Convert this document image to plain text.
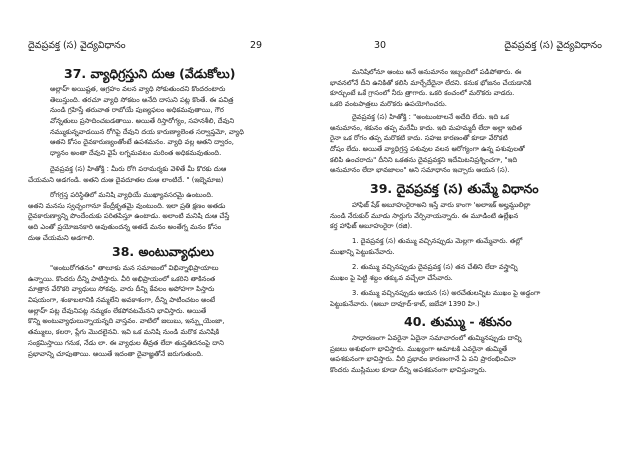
దైవప్రవక్త (స) వైద్యవిధానం	29
37. వ్యాధిగ్రస్తుని దుఆ (వేడుకోలు)
అల్లాహ్ అయిష్టత, ఆగ్రహం వలన వ్యాధి సోకుతుందని కొందరంటారు
తెలుస్తుంది. తరచూ వ్యాధి సోకటం అనేది దాసుని పట్ల కొంతే. ఈ పవిత్ర
నుండి గ్రహిస్తే తరువాత రాబోయే పుణ్యఫలం అధికమవుతాయి, గౌర
వోన్నతులు ప్రసాదించబడతాయి. అయితే రిస్తారోగ్యం, సహనశీలి, దేవుని
నమ్ముకున్నవాడయిన రోగిపై దేవుని దయ కారుణ్యాలెంత సర్వాప్తమో, వ్యాధి
ఆతని కోసం దైవకారుణ్యంతోంటే ఉపశమనం. వ్యాధి వల్ల ఆతని ద్వారం,
ధ్యానం అంతా దేవుని వైపే లగ్నమవటం మరింత అధికమవుతుంది.
దైవప్రవక్త (స) హితోక్తి : మీరు రోగి పరామర్శకు వెళితే మీ కొరకు దుఆ
చేయమని అడగండి. అతని దుఆ దైవదూతల దుఆ లాంటిదే. " (ఇబ్నెమాజ)
రోగగ్రస్త పరిస్థితిలో మనిషి వ్యాధియే ముఖ్యావసరమై ఉంటుంది.
అతని మనసు స్వచ్ఛంగానూ కేంద్రీకృతమై వుంటుంది. ఇలా ప్రతి క్షణం అతడు
దైవకారుణ్యాన్ని పొందేందుకు పరితపిస్తూ ఉంటాడు. అలాంటి మనిషి దుఆ చేస్తే
అది ఎంతో ప్రయోజనకారి అవుతుందన్న అతడే మనం అంతేగ్న మనం కోసం
దుఆ చేయమని అడగాలి.
38. అంటువ్యాధులు
"అంటురోగతనం" తాలూకు మన సమాజంలో విభిన్నాభిప్రాయాలు
ఉన్నాయి. కొందరు దీన్ని పాటిస్తారు. వీరి అభిప్రాయంలో ఒకరిని తాకినంత
మాత్రాన వేరొకరి వ్యాధులు సోకవు. వారు దీన్ని కేవలం అపోహగా పిస్తారు
విషయంగా, శంకాబలానికి నమ్మలేని అవకాశంగా, దీన్ని పాటించటం అంటే
అల్లాహ్ పట్ల దేవునిపట్ల నమ్మకం లేకపోవటమేనని భావిస్తారు. అయితే
కొన్ని అంటువ్యాధులున్నాయన్నది వాస్తవం. వాటిలో జలుబు, ఇన్ఫ్లుయెంజా,
తమ్ములు, కలరా, ప్లేగు మొదలైనవి. ఇవి ఒక మనిషి నుండి మరొక మనిషికి
సంక్రమిస్తాయి గనుక, నేడు లా. ఈ వ్యాధుల తీవ్రత లేదా తుప్తతిదనంపై దాని
ప్రభావాన్ని చూపుతాయి. అయితే ఇదంతా దైవాజ్ఞతోనే జరుగుతుంది.
30	దైవప్రవక్త (స) వైద్యవిధానం
మనిషిలోనూ ఆంటు అనే అనుమానం ఇబ్బందిలో పడిపోతారు. ఈ
భావనలోనే దీని ఉనికితో కలిసి మార్చేదేదైనా లేదని. కనుక భోజనం చేయడానికి
కూర్చుంటే ఒకే గ్రాసంలో నీరు త్రాగారు. ఒకరి కంచంలో మరొకరు వాడరు.
ఒకరి వంటపాత్రలు మరొకరు ఉపయోగించరు.
దైవప్రవక్త (స) హితోక్తి : "అంటుంటాలనే అదేది లేదు. ఇది ఒక
అనుమానం, శకునం తప్ప మరేమీ కాదు. ఇది మహమ్మదీ లేదా అల్లా ఇదిత
రైనా ఒక రోగం తప్ప మరొకటి కాదు. సహజ కారణంతో కూడా వేరొకటి
దోషం లేదు. అయితే వ్యాధిగ్రస్త పశువుల వలన ఆరోగ్యంగా ఉన్న పశువులతో
కలిపి ఉంచరాదు" దీనిని ఒకతను దైవప్రవక్తని ఇదేమిటనిప్రశ్నించగా, "ఇది
అనుమానం లేదా భావజాలం" అని సమాధానం ఇచ్చారు ఆయన (స).
39. దైవప్రవక్త (స) తుమ్మే విధానం
హాఫిజ్ షేక్ అబూహురైరాఅని ఇస్తే వారు కాంగా 'అలాఇక్ అల్హమ్దులిల్లా
నుండి నేరుకుర్ మూడు సార్లుగు వేర్పినాయన్నారు. ఈ మూడింటి ఉల్లేఖన
కర్త హాఫిజ్ అబూహురైరా (రజి).
1. దైవప్రవక్త (స) తుమ్ము వచ్చినప్పుడు మెల్లగా తుమ్మేవారు. తల్లో
ముఖాన్ని పెట్టుకునేవారు.
2. తుమ్ము వచ్చినప్పుడు దైవప్రవక్త (స) తన చేతిని లేదా వస్త్రాన్ని
ముఖం పై పెట్టి శబ్దం తక్కువ వచ్చేలా చేసేవారు.
3. తుమ్ము వచ్చినప్పుడు ఆయన (స) అరచేతులన్నిట ముఖం పై అడ్డంగా
పెట్టుకునేవారు. (అబూ దావూద్-కాబ్, జబేహా 1390 హి.)
40. తుమ్ము - శకునం
సాధారణంగా ఏవరైనా ఏదైనా సమాచారంలో తుమ్మినప్పుడు దాన్ని
ప్రజలు అశుభంగా భావిస్తారు. ముఖ్యంగా ఆమాటకి ఎవరైనా తుమ్మితే
అపశకునంగా భావిస్తారు. వీరి ప్రభావం కారణంగానే ఏ పని ప్రారంభించినా
కొందరు ముస్లిముల కూడా దీన్ని అపశకునంగా భావిస్తున్నారు.
